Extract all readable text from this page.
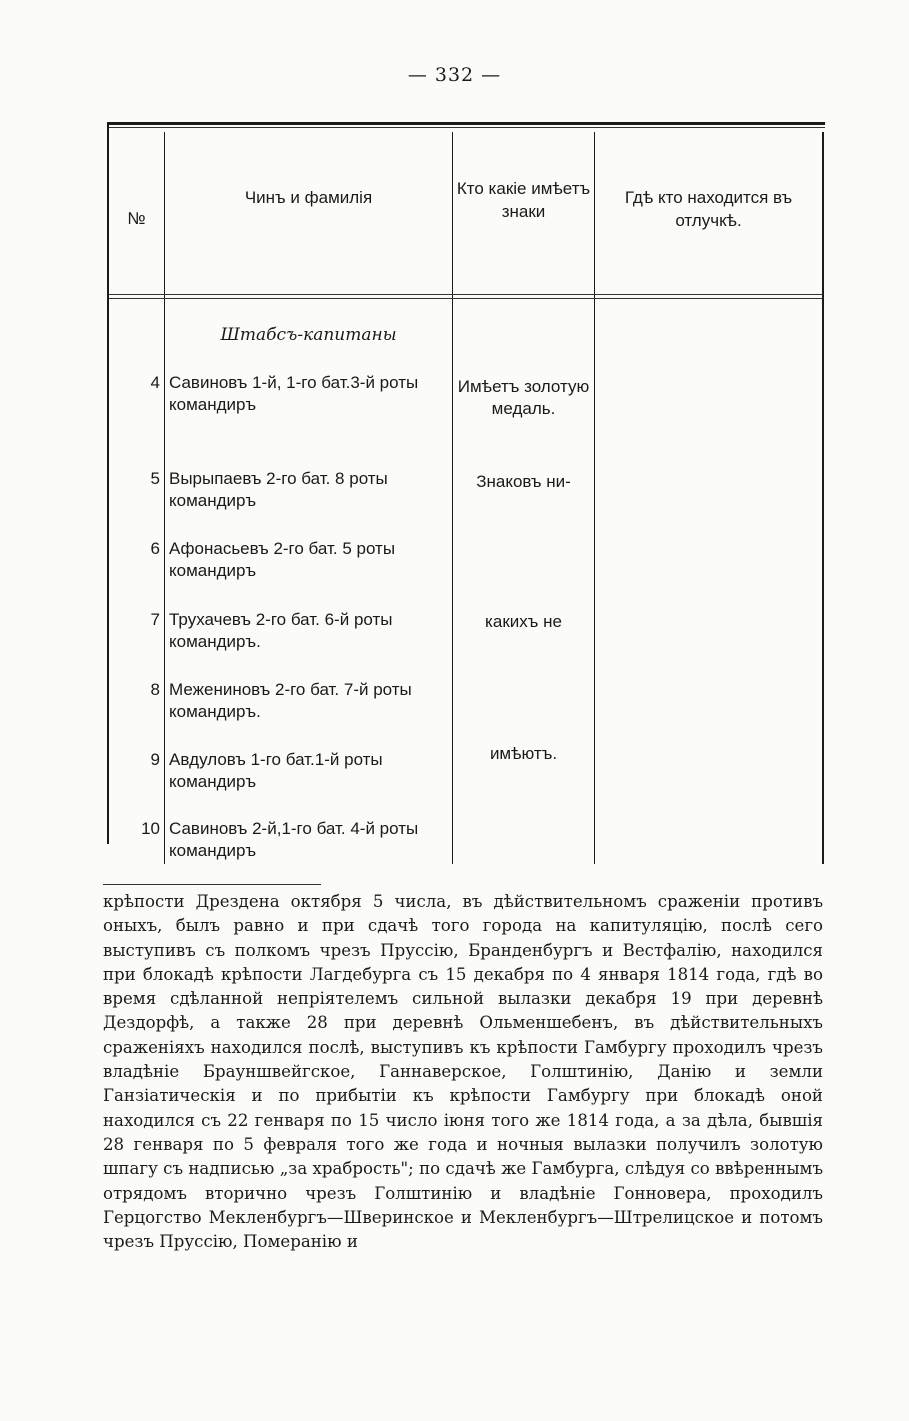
— 332 —
№
Чинъ и фамилія	Кто какіе имѣетъ знаки
Гдѣ кто находится въ отлучкѣ.
Штабсъ-капитаны
4 Савиновъ 1-й, 1-го бат.3-й роты командиръ
5 Вырыпаевъ 2-го бат. 8 роты командиръ
6 Афонасьевъ 2-го бат. 5 роты командиръ
7 Трухачевъ 2-го бат. 6-й роты командиръ.
8 Межениновъ 2-го бат. 7-й роты командиръ.
9 Авдуловъ 1-го бат.1-й роты командиръ
10 Савиновъ 2-й,1-го бат. 4-й роты командиръ
Имѣетъ золотую медаль.
Знаковъ ни-
какихъ не
имѣютъ.
крѣпости Дрездена октября 5 числа, въ дѣйствительномъ сраженіи противъ оныхъ, былъ равно и при сдачѣ того города на капитуляцію, послѣ сего выступивъ съ полкомъ чрезъ Пруссію, Бранденбургъ и Вестфалію, находился при блокадѣ крѣпости Лагдебурга съ 15 декабря по 4 января 1814 года, гдѣ во время сдѣланной непріятелемъ сильной вылазки декабря 19 при деревнѣ Дездорфѣ, а также 28 при деревнѣ Ольменшебенъ, въ дѣйствительныхъ сраженіяхъ находился послѣ, выступивъ къ крѣпости Гамбургу проходилъ чрезъ владѣніе Брауншвейгское, Ганнаверское, Голштинію, Данію и земли Ганзіатическія и по прибытіи къ крѣпости Гамбургу при блокадѣ оной находился съ 22 генваря по 15 число іюня того же 1814 года, а за дѣла, бывшія 28 генваря по 5 февраля того же года и ночныя вылазки получилъ золотую шпагу съ надписью „за храбрость"; по сдачѣ же Гамбурга, слѣдуя со ввѣреннымъ отрядомъ вторично чрезъ Голштинію и владѣніе Гонновера, проходилъ Герцогство Мекленбургъ—Шверинское и Мекленбургъ—Штрелицское и потомъ чрезъ Пруссію, Померанію и
